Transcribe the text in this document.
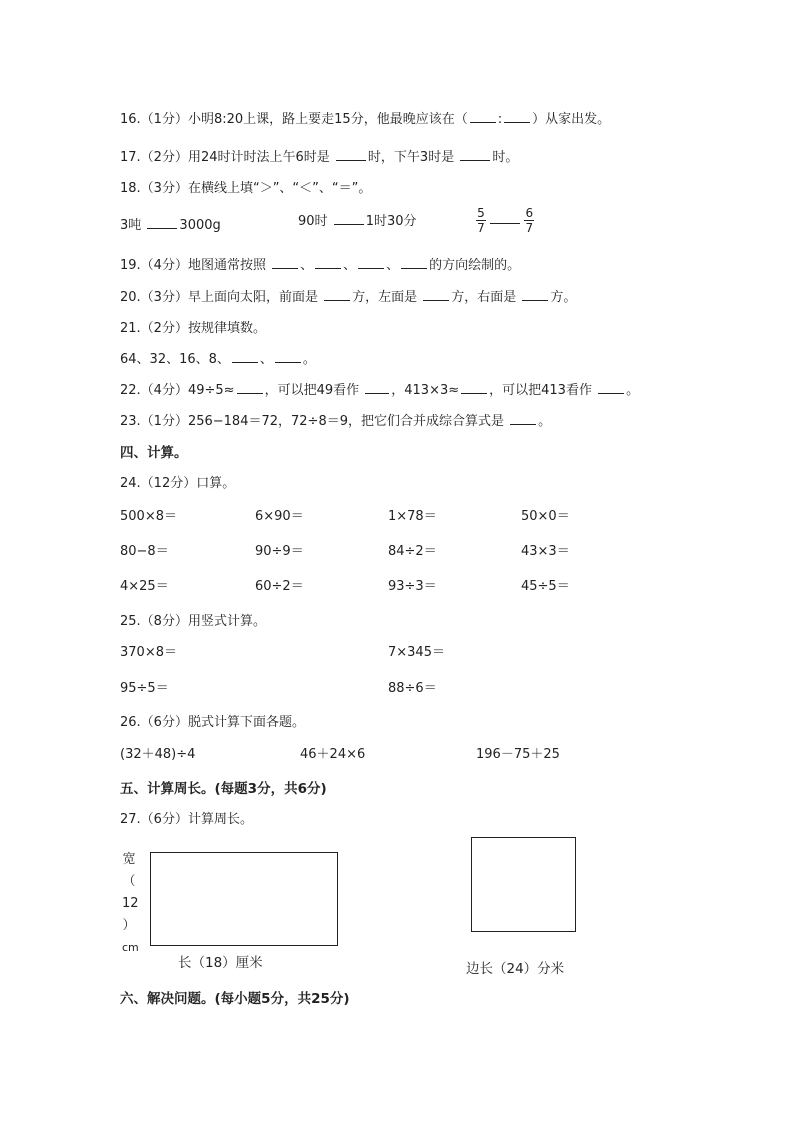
16.（1分）小明8:20上课，路上要走15分，他最晚应该在（ : ）从家出发。
17.（2分）用24时计时法上午6时是	时，下午3时是	时。
18.（3分）在横线上填“＞”、“＜”、“＝”。
3吨	3000g	90时	1时30分	$\frac{5}{7}$
	$\frac{6}{7}$
19.（4分）地图通常按照	、 、 、 的方向绘制的。
20.（3分）早上面向太阳，前面是	方，左面是	方，右面是	方。
21.（2分）按规律填数。
64、32、16、8、 、 。
22.（4分）49÷5≈ ，可以把49看作 ，413×3≈ ，可以把413看作	。
23.（1分）256−184＝72，72÷8＝9，把它们合并成综合算式是	。
四、计算。
24.（12分）口算。
500×8＝	6×90＝	1×78＝	50×0＝
80−8＝	90÷9＝	84÷2＝	43×3＝
4×25＝	60÷2＝	93÷3＝	45÷5＝
25.（8分）用竖式计算。
370×8＝	7×345＝
95÷5＝	88÷6＝
26.（6分）脱式计算下面各题。
(32＋48)÷4	46＋24×6	196－75＋25
五、计算周长。(每题3分，共6分)
27.（6分）计算周长。
宽
（
12
）
cm
长（18）厘米	边长（24）分米
六、解决问题。(每小题5分，共25分)
